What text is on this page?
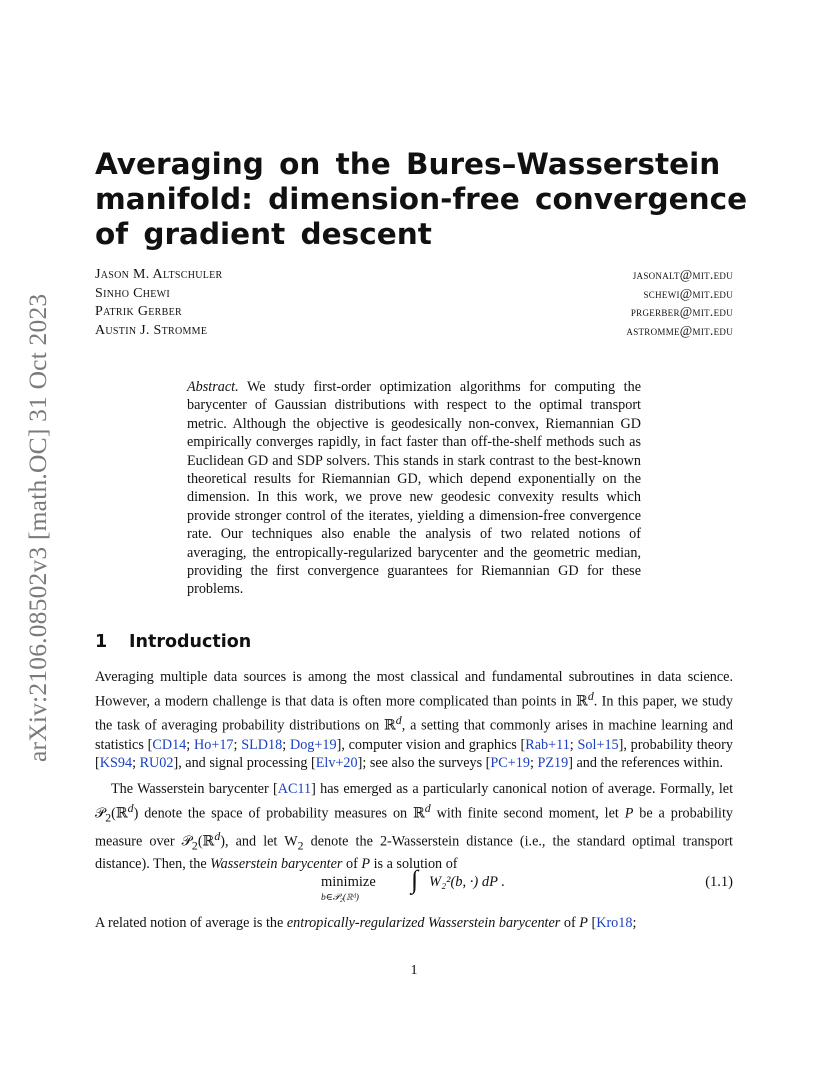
arXiv:2106.08502v3 [math.OC] 31 Oct 2023
Averaging on the Bures–Wasserstein
manifold: dimension-free convergence
of gradient descent
Jason M. Altschuler	jasonalt@mit.edu
Sinho Chewi	schewi@mit.edu
Patrik Gerber	prgerber@mit.edu
Austin J. Stromme	astromme@mit.edu
Abstract. We study first-order optimization algorithms for computing the barycenter of Gaussian distributions with respect to the optimal transport metric. Although the objective is geodesically non-convex, Riemannian GD empirically converges rapidly, in fact faster than off-the-shelf methods such as Euclidean GD and SDP solvers. This stands in stark contrast to the best-known theoretical results for Riemannian GD, which depend exponentially on the dimension. In this work, we prove new geodesic convexity results which provide stronger control of the iterates, yielding a dimension-free convergence rate. Our techniques also enable the analysis of two related notions of averaging, the entropically-regularized barycenter and the geometric median, providing the first convergence guarantees for Riemannian GD for these problems.
1 Introduction

Averaging multiple data sources is among the most classical and fundamental subroutines in data science. However, a modern challenge is that data is often more complicated than points in ℝ$^d$. In this paper, we study the task of averaging probability distributions on ℝ$^d$, a setting that commonly arises in machine learning and statistics [CD14; Ho+17; SLD18; Dog+19], computer vision and graphics [Rab+11; Sol+15], probability theory [KS94; RU02], and signal processing [Elv+20]; see also the surveys [PC+19; PZ19] and the references within.

The Wasserstein barycenter [AC11] has emerged as a particularly canonical notion of average. Formally, let 𝒫$_2$(ℝ$^d$) denote the space of probability measures on ℝ$^d$ with finite second moment, let P be a probability measure over 𝒫$_2$(ℝ$^d$), and let $W_2$ denote the 2-Wasserstein distance (i.e., the standard optimal transport distance). Then, the Wasserstein barycenter of P is a solution of

minimize
b∈𝒫₂(ℝᵈ)
∫ W₂²(b, ·) dP .	(1.1)

A related notion of average is the entropically-regularized Wasserstein barycenter of P [Kro18;

1
